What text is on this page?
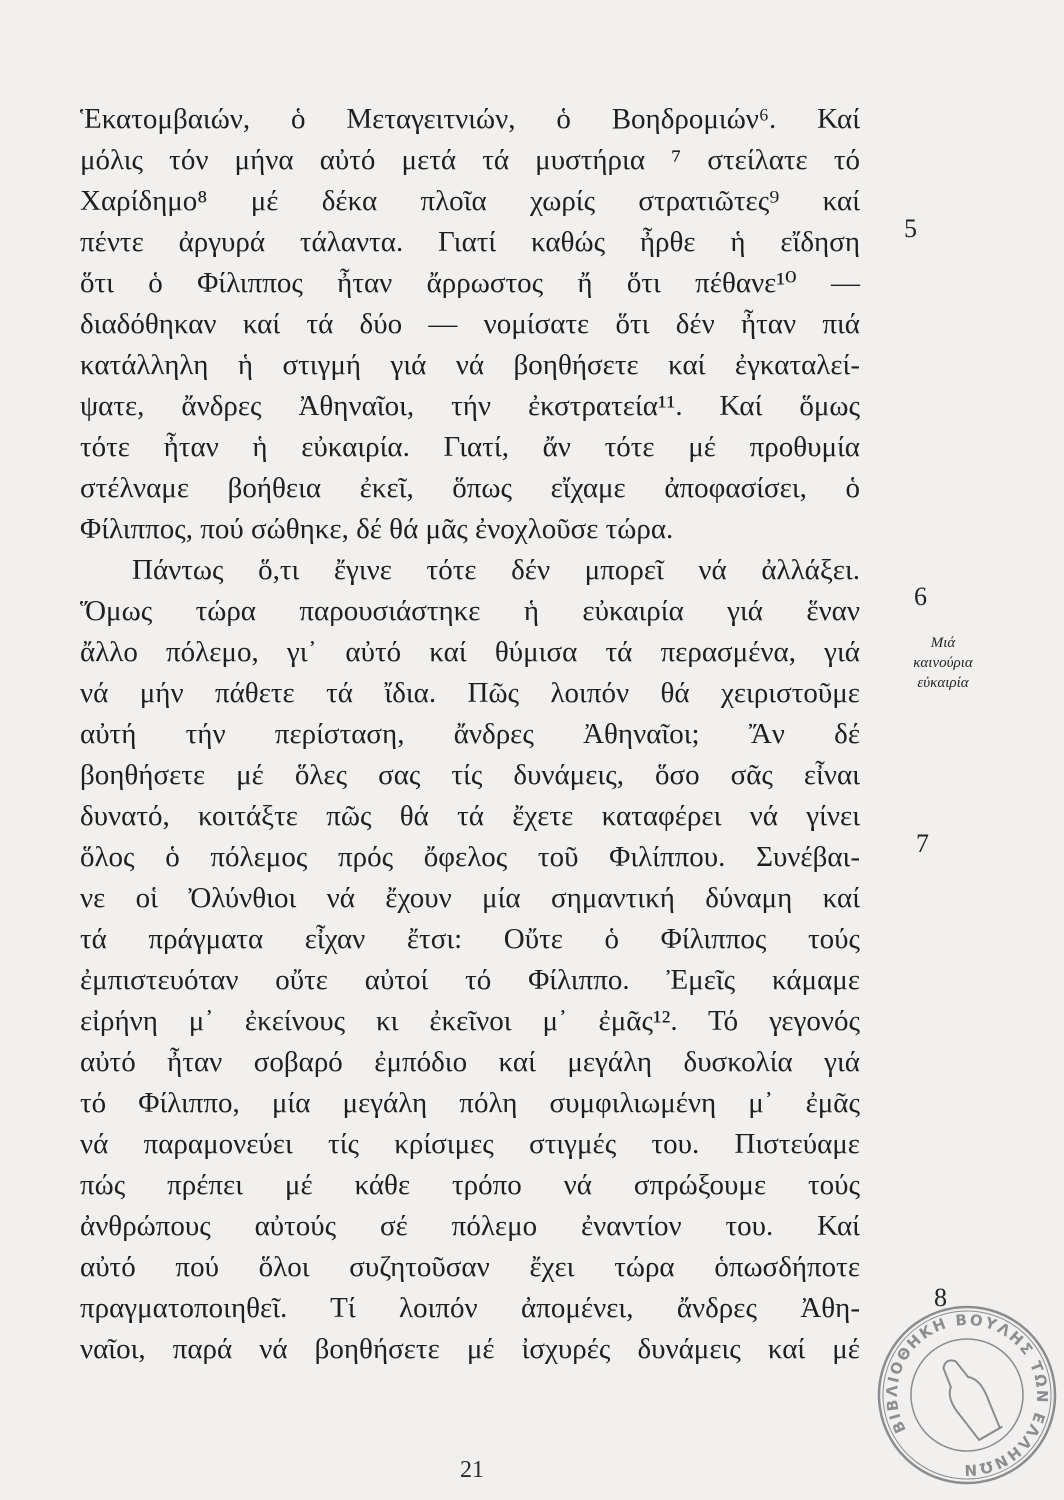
Ἑκατομβαιών, ὁ Μεταγειτνιών, ὁ Βοηδρομιών⁶. Καί
μόλις τόν μήνα αὐτό μετά τά μυστήρια ⁷ στείλατε τό
Χαρίδημο⁸ μέ δέκα πλοῖα χωρίς στρατιῶτες⁹ καί
πέντε ἀργυρά τάλαντα. Γιατί καθώς ἦρθε ἡ εἴδηση
ὅτι ὁ Φίλιππος ἦταν ἄρρωστος ἤ ὅτι πέθανε¹⁰ —
διαδόθηκαν καί τά δύο — νομίσατε ὅτι δέν ἦταν πιά
κατάλληλη ἡ στιγμή γιά νά βοηθήσετε καί ἐγκαταλεί-
ψατε, ἄνδρες Ἀθηναῖοι, τήν ἐκστρατεία¹¹. Καί ὅμως
τότε ἦταν ἡ εὐκαιρία. Γιατί, ἄν τότε μέ προθυμία
στέλναμε βοήθεια ἐκεῖ, ὅπως εἴχαμε ἀποφασίσει, ὁ
Φίλιππος, πού σώθηκε, δέ θά μᾶς ἐνοχλοῦσε τώρα.
Πάντως ὅ,τι ἔγινε τότε δέν μπορεῖ νά ἀλλάξει.
Ὅμως τώρα παρουσιάστηκε ἡ εὐκαιρία γιά ἕναν
ἄλλο πόλεμο, γι᾽ αὐτό καί θύμισα τά περασμένα, γιά
νά μήν πάθετε τά ἴδια. Πῶς λοιπόν θά χειριστοῦμε
αὐτή τήν περίσταση, ἄνδρες Ἀθηναῖοι; Ἄν δέ
βοηθήσετε μέ ὅλες σας τίς δυνάμεις, ὅσο σᾶς εἶναι
δυνατό, κοιτάξτε πῶς θά τά ἔχετε καταφέρει νά γίνει
ὅλος ὁ πόλεμος πρός ὄφελος τοῦ Φιλίππου. Συνέβαι-
νε οἱ Ὀλύνθιοι νά ἔχουν μία σημαντική δύναμη καί
τά πράγματα εἶχαν ἔτσι: Οὔτε ὁ Φίλιππος τούς
ἐμπιστευόταν οὔτε αὐτοί τό Φίλιππο. Ἐμεῖς κάμαμε
εἰρήνη μ᾽ ἐκείνους κι ἐκεῖνοι μ᾽ ἐμᾶς¹². Τό γεγονός
αὐτό ἦταν σοβαρό ἐμπόδιο καί μεγάλη δυσκολία γιά
τό Φίλιππο, μία μεγάλη πόλη συμφιλιωμένη μ᾽ ἐμᾶς
νά παραμονεύει τίς κρίσιμες στιγμές του. Πιστεύαμε
πώς πρέπει μέ κάθε τρόπο νά σπρώξουμε τούς
ἀνθρώπους αὐτούς σέ πόλεμο ἐναντίον του. Καί
αὐτό πού ὅλοι συζητοῦσαν ἔχει τώρα ὁπωσδήποτε
πραγματοποιηθεῖ. Τί λοιπόν ἀπομένει, ἄνδρες Ἀθη-
ναῖοι, παρά νά βοηθήσετε μέ ἰσχυρές δυνάμεις καί μέ
5
6
7
8
Μιά
καινούρια
εὐκαιρία
21
ΒΙΒΛΙΟΘΗΚΗ ΒΟΥΛΗΣ ΤΩΝ ΕΛΛΗΝΩΝ
